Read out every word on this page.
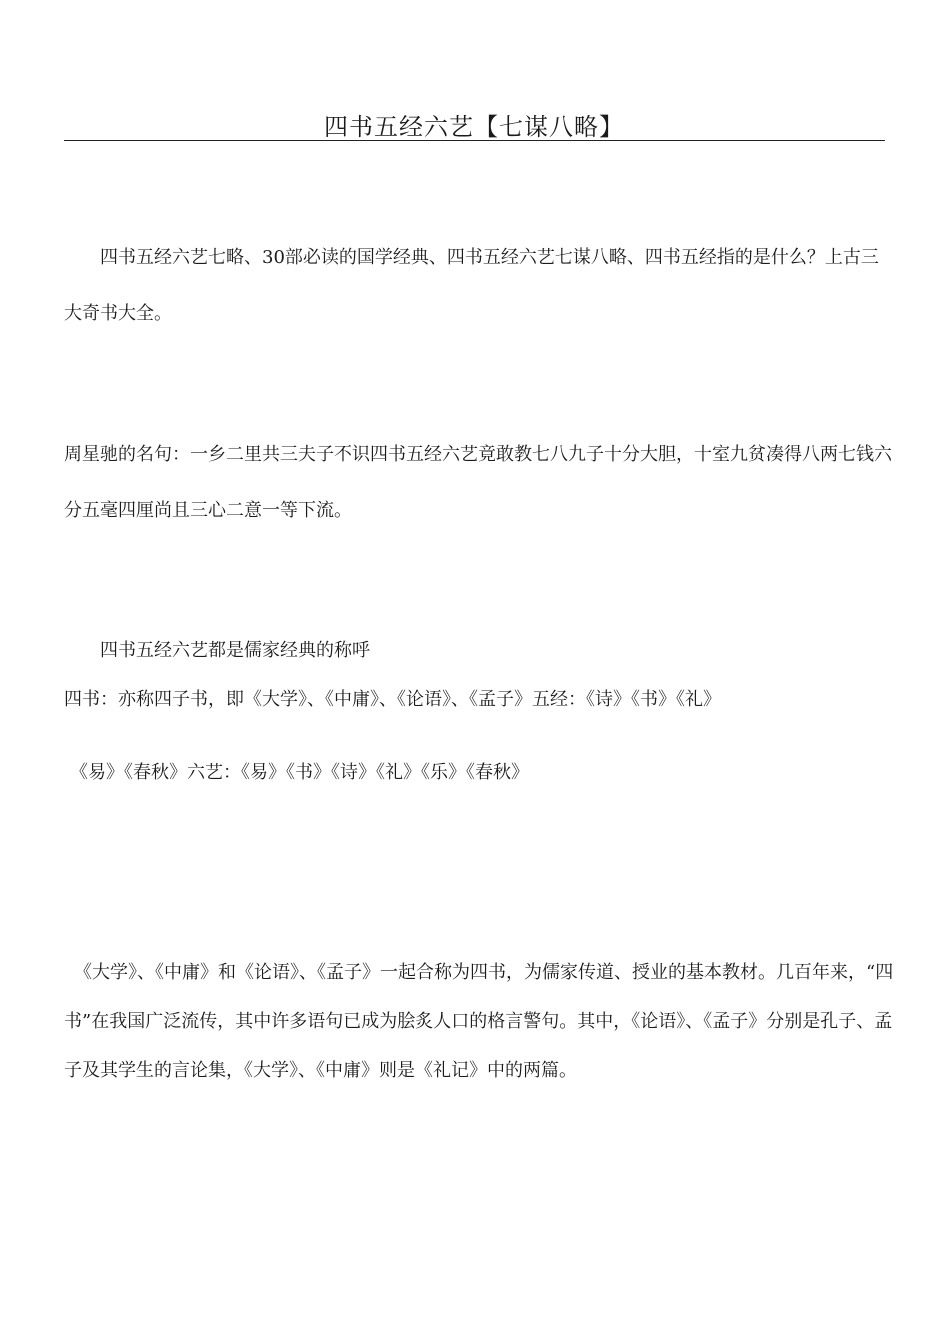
四书五经六艺【七谋八略】

四书五经六艺七略、30部必读的国学经典、四书五经六艺七谋八略、四书五经指的是什么？上古三大奇书大全。

周星驰的名句：一乡二里共三夫子不识四书五经六艺竟敢教七八九子十分大胆，十室九贫凑得八两七钱六分五毫四厘尚且三心二意一等下流。

四书五经六艺都是儒家经典的称呼

四书：亦称四子书，即《大学》、《中庸》、《论语》、《孟子》五经：《诗》《书》《礼》

《易》《春秋》六艺：《易》《书》《诗》《礼》《乐》《春秋》

《大学》、《中庸》和《论语》、《孟子》一起合称为四书，为儒家传道、授业的基本教材。几百年来，“四书”在我国广泛流传，其中许多语句已成为脍炙人口的格言警句。其中，《论语》、《孟子》分别是孔子、孟子及其学生的言论集，《大学》、《中庸》则是《礼记》中的两篇。
